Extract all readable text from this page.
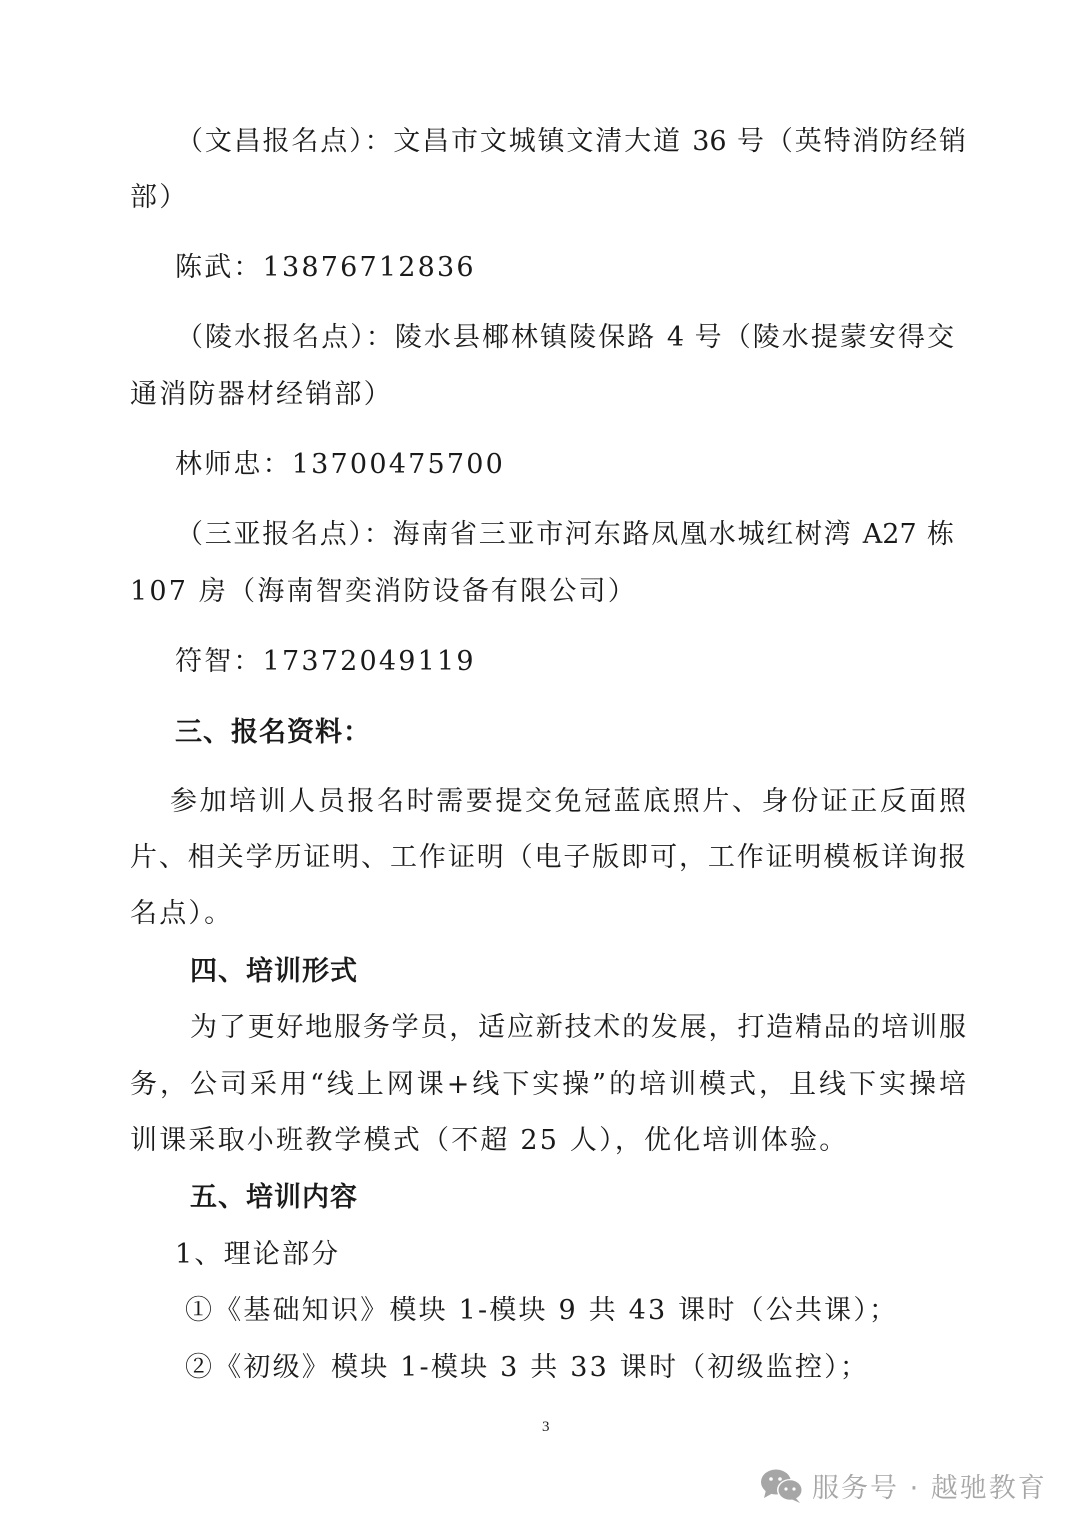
（文昌报名点）：文昌市文城镇文清大道 36 号（英特消防经销
部）
陈武：13876712836
（陵水报名点）：陵水县椰林镇陵保路 4 号（陵水提蒙安得交
通消防器材经销部）
林师忠：13700475700
（三亚报名点）：海南省三亚市河东路凤凰水城红树湾 A27 栋
107 房（海南智奕消防设备有限公司）
符智：17372049119
三、报名资料：
参加培训人员报名时需要提交免冠蓝底照片、身份证正反面照
片、相关学历证明、工作证明（电子版即可，工作证明模板详询报
名点）。
四、培训形式
为了更好地服务学员，适应新技术的发展，打造精品的培训服
务，公司采用“线上网课+线下实操”的培训模式，且线下实操培
训课采取小班教学模式（不超 25 人），优化培训体验。
五、培训内容
1、理论部分
①《基础知识》模块 1-模块 9 共 43 课时（公共课）；
②《初级》模块 1-模块 3 共 33 课时（初级监控）；
3
服务号 · 越驰教育
